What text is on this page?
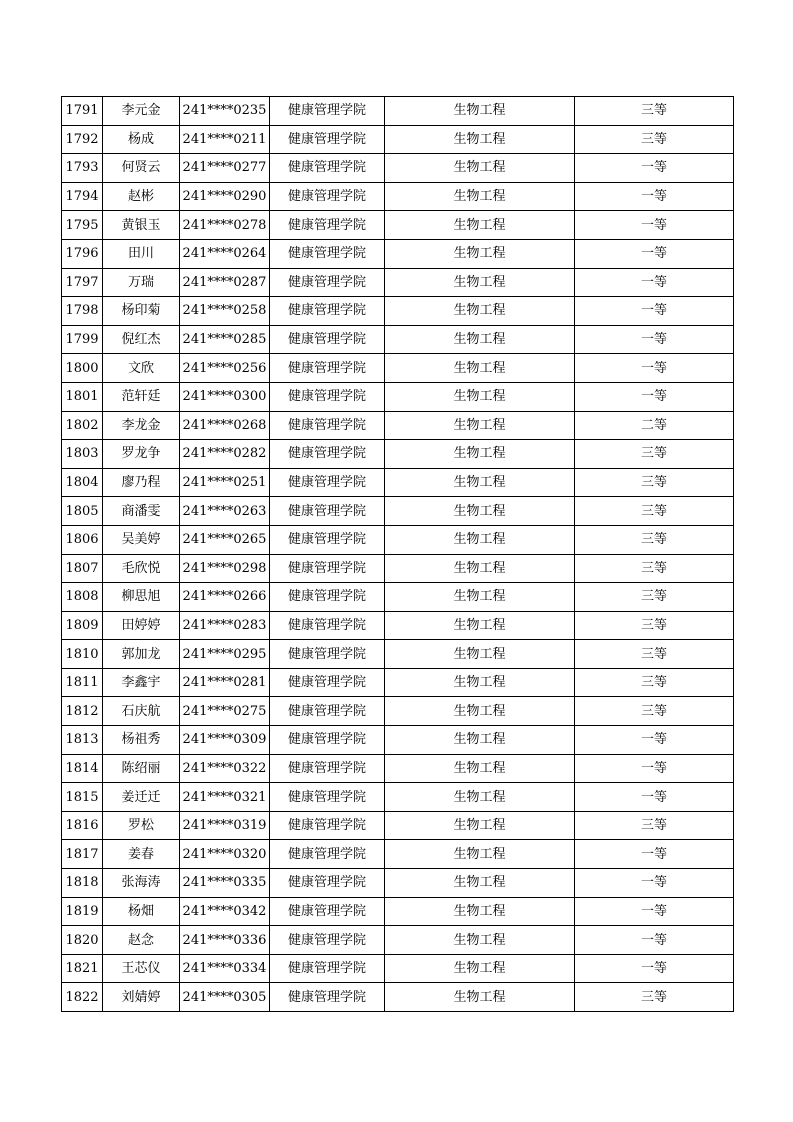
1791	李元金	241****0235	健康管理学院	生物工程	三等
1792	杨成	241****0211	健康管理学院	生物工程	三等
1793	何贤云	241****0277	健康管理学院	生物工程	一等
1794	赵彬	241****0290	健康管理学院	生物工程	一等
1795	黄银玉	241****0278	健康管理学院	生物工程	一等
1796	田川	241****0264	健康管理学院	生物工程	一等
1797	万瑞	241****0287	健康管理学院	生物工程	一等
1798	杨印菊	241****0258	健康管理学院	生物工程	一等
1799	倪红杰	241****0285	健康管理学院	生物工程	一等
1800	文欣	241****0256	健康管理学院	生物工程	一等
1801	范轩廷	241****0300	健康管理学院	生物工程	一等
1802	李龙金	241****0268	健康管理学院	生物工程	二等
1803	罗龙争	241****0282	健康管理学院	生物工程	三等
1804	廖乃程	241****0251	健康管理学院	生物工程	三等
1805	商潘雯	241****0263	健康管理学院	生物工程	三等
1806	吴美婷	241****0265	健康管理学院	生物工程	三等
1807	毛欣悦	241****0298	健康管理学院	生物工程	三等
1808	柳思旭	241****0266	健康管理学院	生物工程	三等
1809	田婷婷	241****0283	健康管理学院	生物工程	三等
1810	郭加龙	241****0295	健康管理学院	生物工程	三等
1811	李鑫宇	241****0281	健康管理学院	生物工程	三等
1812	石庆航	241****0275	健康管理学院	生物工程	三等
1813	杨祖秀	241****0309	健康管理学院	生物工程	一等
1814	陈绍丽	241****0322	健康管理学院	生物工程	一等
1815	姜迁迁	241****0321	健康管理学院	生物工程	一等
1816	罗松	241****0319	健康管理学院	生物工程	三等
1817	姜春	241****0320	健康管理学院	生物工程	一等
1818	张海涛	241****0335	健康管理学院	生物工程	一等
1819	杨畑	241****0342	健康管理学院	生物工程	一等
1820	赵念	241****0336	健康管理学院	生物工程	一等
1821	王芯仪	241****0334	健康管理学院	生物工程	一等
1822	刘婧婷	241****0305	健康管理学院	生物工程	三等
